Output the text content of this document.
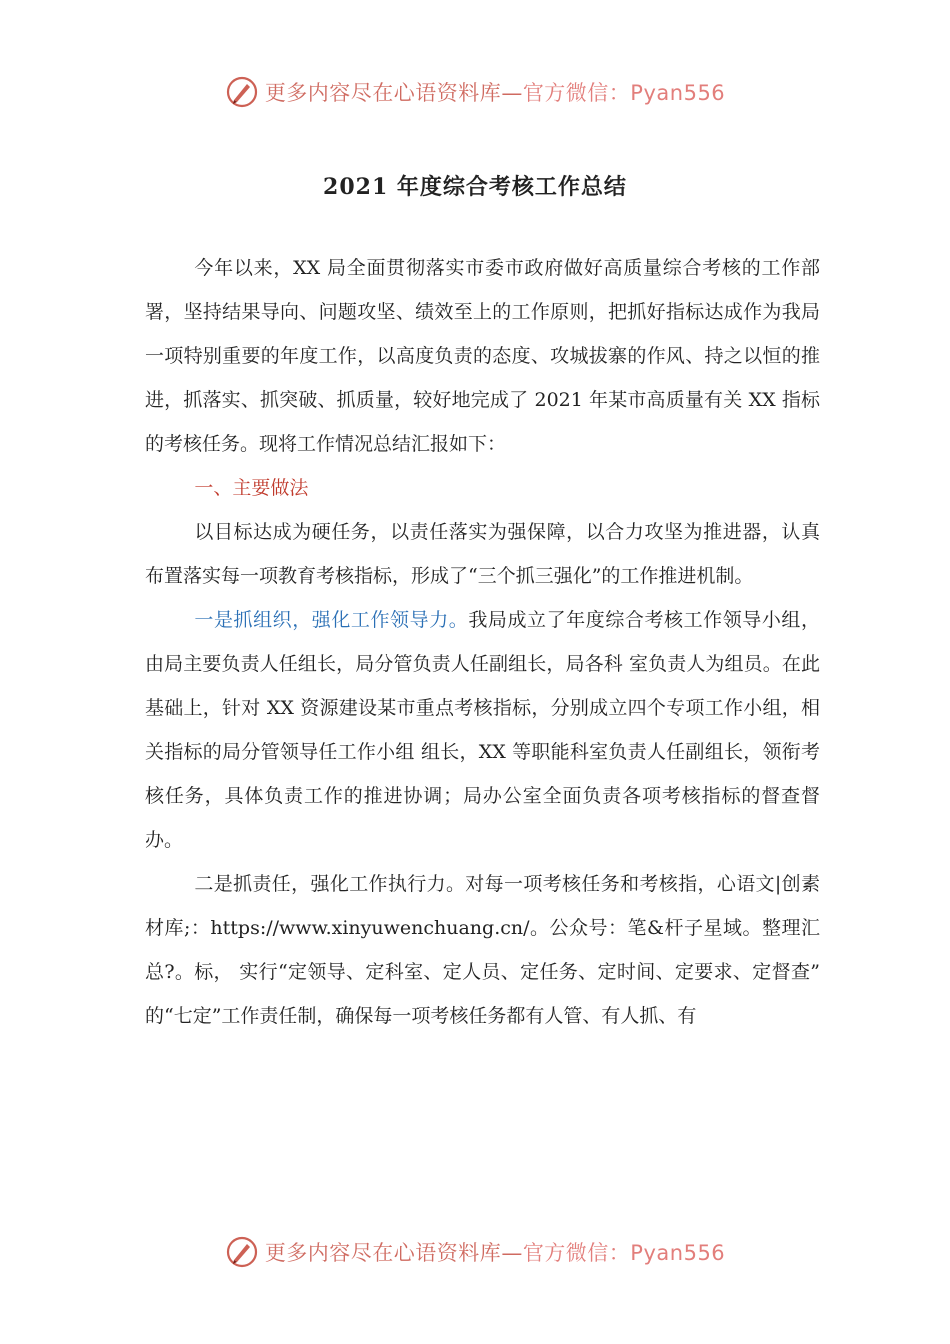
更多内容尽在心语资料库—官方微信：Pyan556
2021 年度综合考核工作总结

今年以来，XX 局全面贯彻落实市委市政府做好高质量综合考核的工作部署，坚持结果导向、问题攻坚、绩效至上的工作原则，把抓好指标达成作为我局一项特别重要的年度工作，以高度负责的态度、攻城拔寨的作风、持之以恒的推进，抓落实、抓突破、抓质量，较好地完成了 2021 年某市高质量有关 XX 指标的考核任务。现将工作情况总结汇报如下：

一、主要做法

以目标达成为硬任务，以责任落实为强保障，以合力攻坚为推进器，认真布置落实每一项教育考核指标，形成了“三个抓三强化”的工作推进机制。

一是抓组织，强化工作领导力。我局成立了年度综合考核工作领导小组，由局主要负责人任组长，局分管负责人任副组长，局各科 室负责人为组员。在此基础上，针对 XX 资源建设某市重点考核指标，分别成立四个专项工作小组，相关指标的局分管领导任工作小组 组长，XX 等职能科室负责人任副组长，领衔考核任务，具体负责工作的推进协调；局办公室全面负责各项考核指标的督查督办。

二是抓责任，强化工作执行力。对每一项考核任务和考核指，心语文|创素材库;：https://www.xinyuwenchuang.cn/。公众号：笔&杆子星域。整理汇总?。标， 实行“定领导、定科室、定人员、定任务、定时间、定要求、定督查” 的“七定”工作责任制，确保每一项考核任务都有人管、有人抓、有

更多内容尽在心语资料库—官方微信：Pyan556
